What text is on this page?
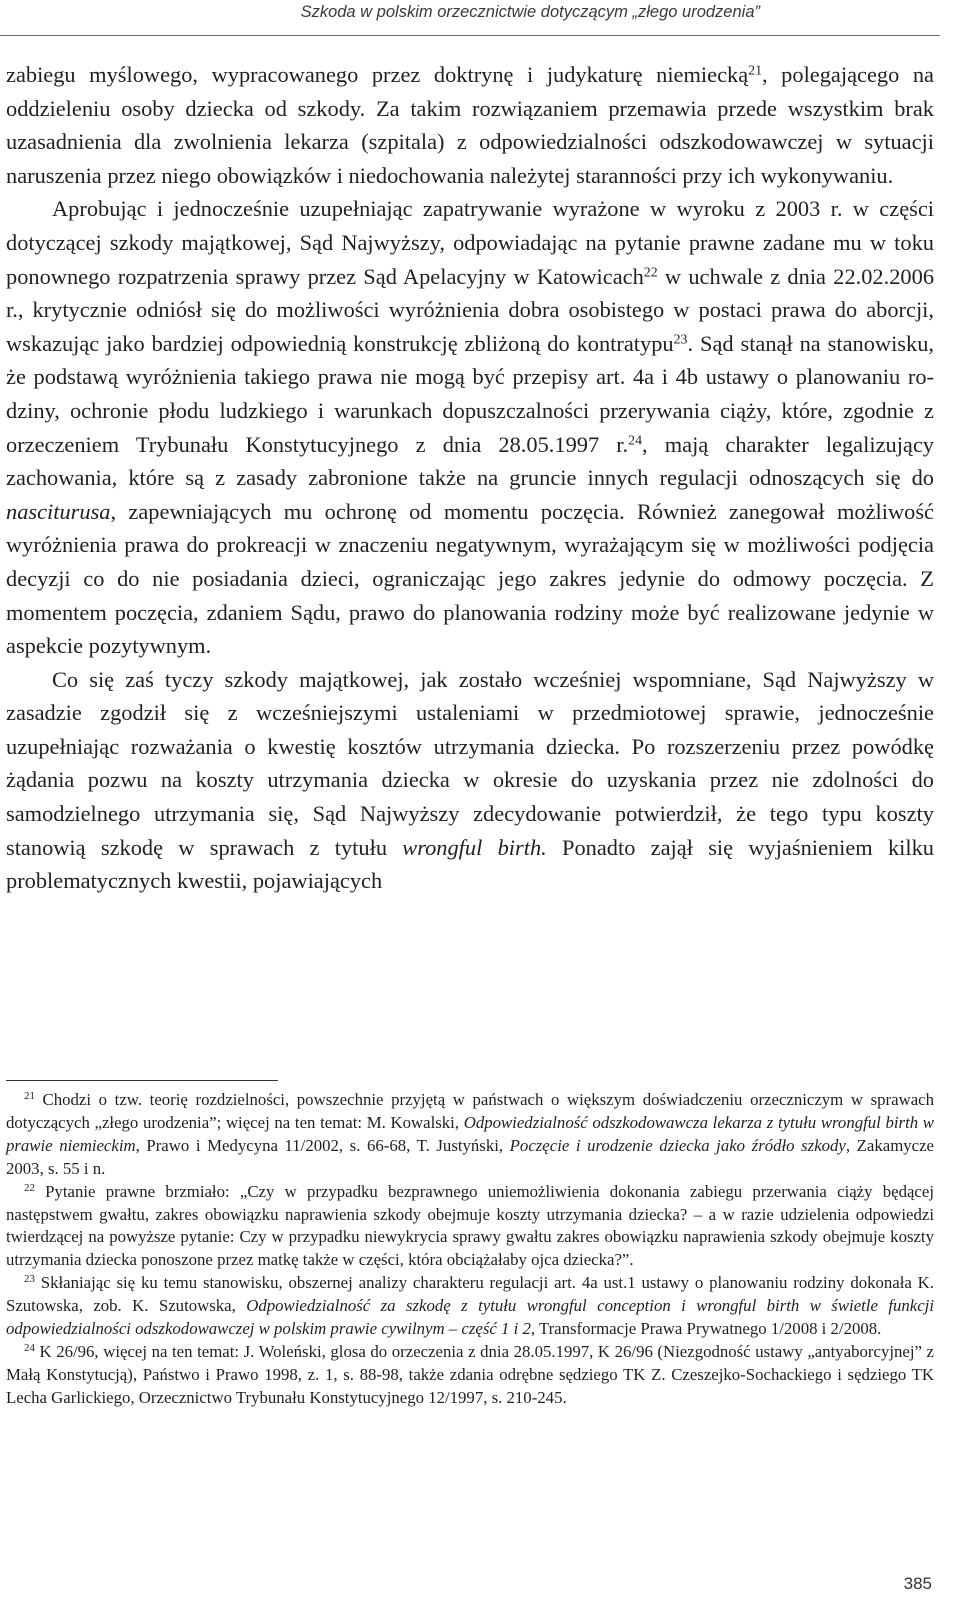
Szkoda w polskim orzecznictwie dotyczącym „złego urodzenia”

zabiegu myślowego, wypracowanego przez doktrynę i judykaturę niemiecką$^{21}$, polegającego na oddzieleniu osoby dziecka od szkody. Za takim rozwiązaniem przemawia przede wszystkim brak uzasadnienia dla zwolnienia lekarza (szpitala) z odpowiedzialności odszkodowawczej w sytuacji naruszenia przez niego obowiązków i niedochowania należytej staranności przy ich wykonywaniu.

Aprobując i jednocześnie uzupełniając zapatrywanie wyrażone w wyroku z 2003 r. w części dotyczącej szkody majątkowej, Sąd Najwyższy, odpowiadając na pytanie prawne zadane mu w toku ponownego rozpatrzenia sprawy przez Sąd Apelacyjny w Katowicach$^{22}$ w uchwale z dnia 22.02.2006 r., krytycznie odniósł się do możliwości wyróżnienia dobra osobistego w postaci prawa do aborcji, wskazując jako bardziej odpowiednią konstrukcję zbliżoną do kontratypu$^{23}$. Sąd stanął na stanowisku, że podstawą wyróżnienia takiego prawa nie mogą być przepisy art. 4a i 4b ustawy o planowaniu rodziny, ochronie płodu ludzkiego i warunkach dopuszczalności przerywania ciąży, które, zgodnie z orzeczeniem Trybunału Konstytucyjnego z dnia 28.05.1997 r.$^{24}$, mają charakter legalizujący zachowania, które są z zasady zabronione także na gruncie innych regulacji odnoszących się do nasciturusa, zapewniających mu ochronę od momentu poczęcia. Również zanegował możliwość wyróżnienia prawa do prokreacji w znaczeniu negatywnym, wyrażającym się w możliwości podjęcia decyzji co do nie posiadania dzieci, ograniczając jego zakres jedynie do odmowy poczęcia. Z momentem poczęcia, zdaniem Sądu, prawo do planowania rodziny może być realizowane jedynie w aspekcie pozytywnym.

Co się zaś tyczy szkody majątkowej, jak zostało wcześniej wspomniane, Sąd Najwyższy w zasadzie zgodził się z wcześniejszymi ustaleniami w przedmiotowej sprawie, jednocześnie uzupełniając rozważania o kwestię kosztów utrzymania dziecka. Po rozszerzeniu przez powódkę żądania pozwu na koszty utrzymania dziecka w okresie do uzyskania przez nie zdolności do samodzielnego utrzymania się, Sąd Najwyższy zdecydowanie potwierdził, że tego typu koszty stanowią szkodę w sprawach z tytułu wrongful birth. Ponadto zajął się wyjaśnieniem kilku problematycznych kwestii, pojawiających

$^{21}$ Chodzi o tzw. teorię rozdzielności, powszechnie przyjętą w państwach o większym doświadczeniu orzeczniczym w sprawach dotyczących „złego urodzenia”; więcej na ten temat: M. Kowalski, Odpowiedzialność odszkodowawcza lekarza z tytułu wrongful birth w prawie niemieckim, Prawo i Medycyna 11/2002, s. 66-68, T. Justyński, Poczęcie i urodzenie dziecka jako źródło szkody, Zakamycze 2003, s. 55 i n.

$^{22}$ Pytanie prawne brzmiało: „Czy w przypadku bezprawnego uniemożliwienia dokonania zabiegu przerwania ciąży będącej następstwem gwałtu, zakres obowiązku naprawienia szkody obejmuje koszty utrzymania dziecka? – a w razie udzielenia odpowiedzi twierdzącej na powyższe pytanie: Czy w przypadku niewykrycia sprawy gwałtu zakres obowiązku naprawienia szkody obejmuje koszty utrzymania dziecka ponoszone przez matkę także w części, która obciążałaby ojca dziecka?”.

$^{23}$ Skłaniając się ku temu stanowisku, obszernej analizy charakteru regulacji art. 4a ust.1 ustawy o planowaniu rodziny dokonała K. Szutowska, zob. K. Szutowska, Odpowiedzialność za szkodę z tytułu wrongful conception i wrongful birth w świetle funkcji odpowiedzialności odszkodowawczej w polskim prawie cywilnym – część 1 i 2, Transformacje Prawa Prywatnego 1/2008 i 2/2008.

$^{24}$ K 26/96, więcej na ten temat: J. Woleński, glosa do orzeczenia z dnia 28.05.1997, K 26/96 (Niezgodność ustawy „antyaborcyjnej” z Małą Konstytucją), Państwo i Prawo 1998, z. 1, s. 88-98, także zdania odrębne sędziego TK Z. Czeszejko-Sochackiego i sędziego TK Lecha Garlickiego, Orzecznictwo Trybunału Konstytucyjnego 12/1997, s. 210-245.

385
